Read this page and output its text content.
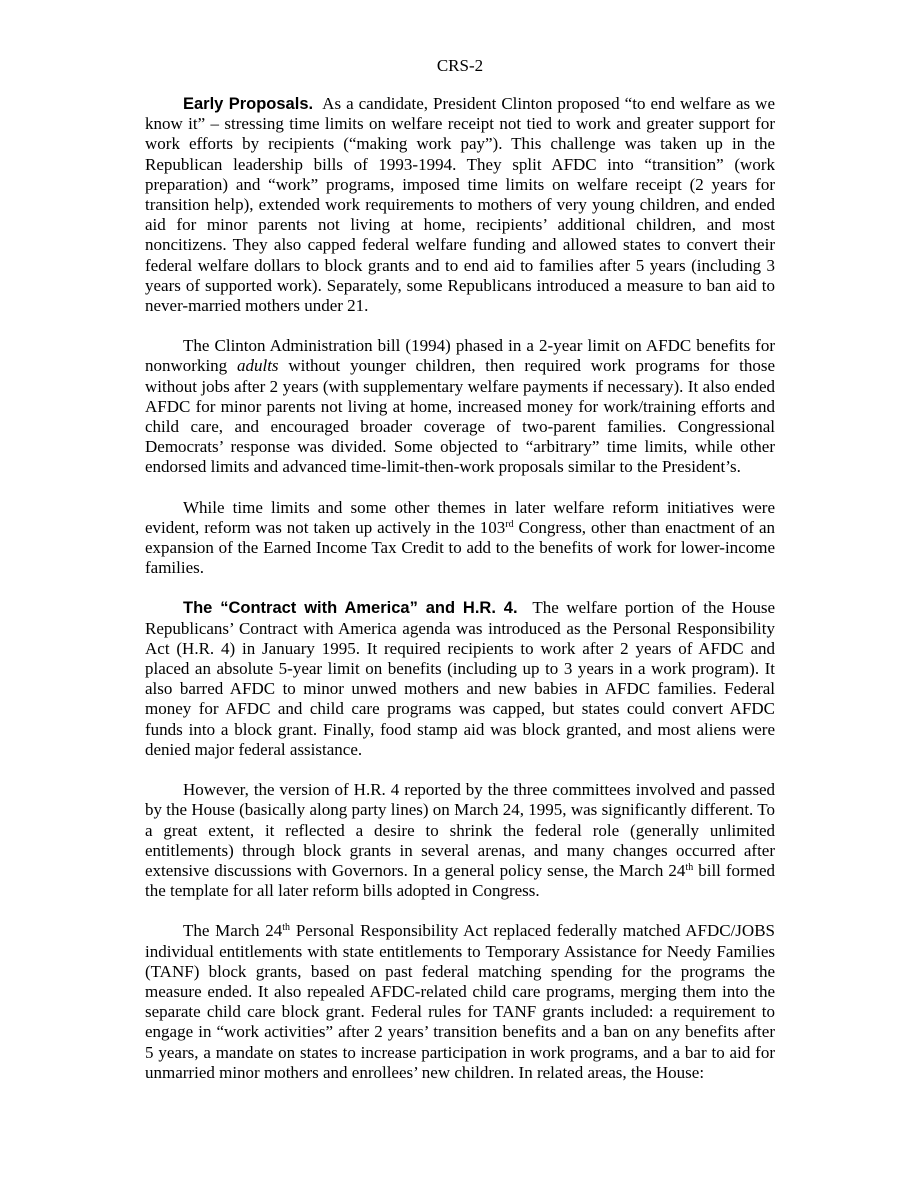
CRS-2

Early Proposals. As a candidate, President Clinton proposed “to end welfare as we know it” – stressing time limits on welfare receipt not tied to work and greater support for work efforts by recipients (“making work pay”). This challenge was taken up in the Republican leadership bills of 1993-1994. They split AFDC into “transition” (work preparation) and “work” programs, imposed time limits on welfare receipt (2 years for transition help), extended work requirements to mothers of very young children, and ended aid for minor parents not living at home, recipients’ additional children, and most noncitizens. They also capped federal welfare funding and allowed states to convert their federal welfare dollars to block grants and to end aid to families after 5 years (including 3 years of supported work). Separately, some Republicans introduced a measure to ban aid to never-married mothers under 21.

The Clinton Administration bill (1994) phased in a 2-year limit on AFDC benefits for nonworking adults without younger children, then required work programs for those without jobs after 2 years (with supplementary welfare payments if necessary). It also ended AFDC for minor parents not living at home, increased money for work/training efforts and child care, and encouraged broader coverage of two-parent families. Congressional Democrats’ response was divided. Some objected to “arbitrary” time limits, while other endorsed limits and advanced time-limit-then-work proposals similar to the President’s.

While time limits and some other themes in later welfare reform initiatives were evident, reform was not taken up actively in the 103rd Congress, other than enactment of an expansion of the Earned Income Tax Credit to add to the benefits of work for lower-income families.

The “Contract with America” and H.R. 4. The welfare portion of the House Republicans’ Contract with America agenda was introduced as the Personal Responsibility Act (H.R. 4) in January 1995. It required recipients to work after 2 years of AFDC and placed an absolute 5-year limit on benefits (including up to 3 years in a work program). It also barred AFDC to minor unwed mothers and new babies in AFDC families. Federal money for AFDC and child care programs was capped, but states could convert AFDC funds into a block grant. Finally, food stamp aid was block granted, and most aliens were denied major federal assistance.

However, the version of H.R. 4 reported by the three committees involved and passed by the House (basically along party lines) on March 24, 1995, was significantly different. To a great extent, it reflected a desire to shrink the federal role (generally unlimited entitlements) through block grants in several arenas, and many changes occurred after extensive discussions with Governors. In a general policy sense, the March 24th bill formed the template for all later reform bills adopted in Congress.

The March 24th Personal Responsibility Act replaced federally matched AFDC/JOBS individual entitlements with state entitlements to Temporary Assistance for Needy Families (TANF) block grants, based on past federal matching spending for the programs the measure ended. It also repealed AFDC-related child care programs, merging them into the separate child care block grant. Federal rules for TANF grants included: a requirement to engage in “work activities” after 2 years’ transition benefits and a ban on any benefits after 5 years, a mandate on states to increase participation in work programs, and a bar to aid for unmarried minor mothers and enrollees’ new children. In related areas, the House:
